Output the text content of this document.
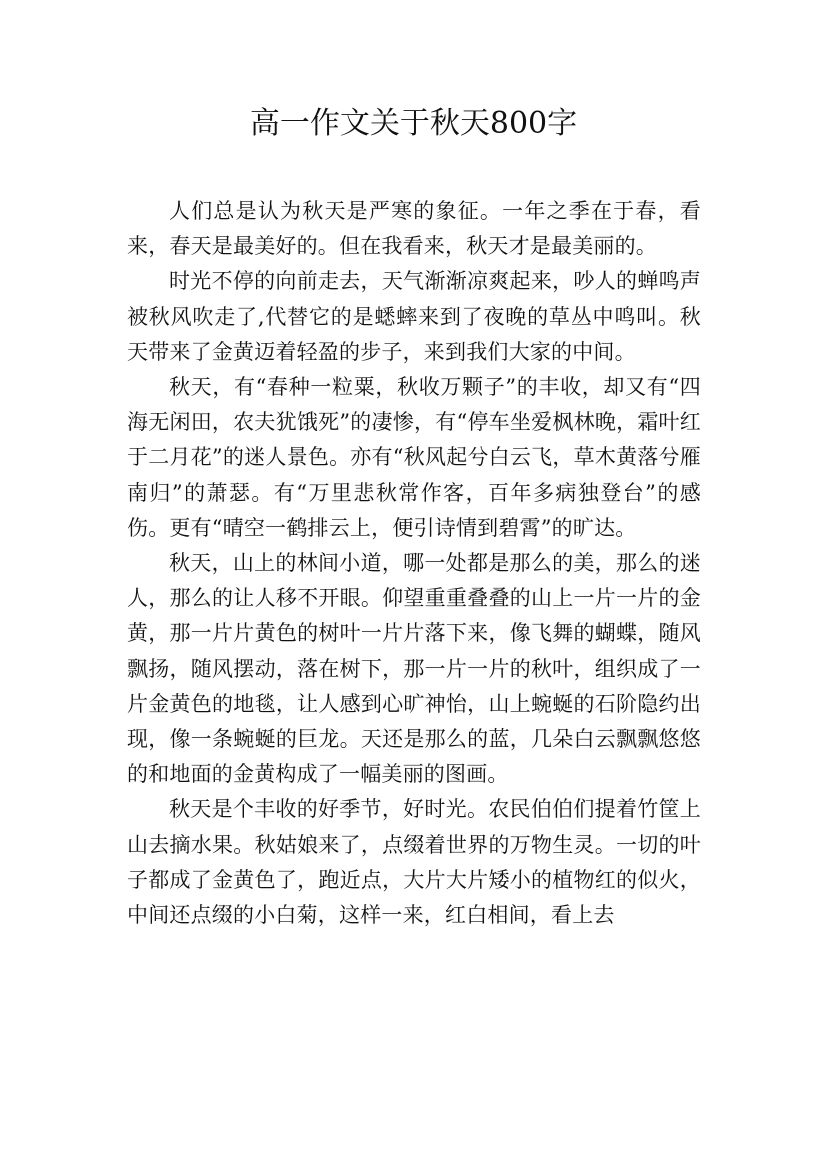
高一作文关于秋天800字

人们总是认为秋天是严寒的象征。一年之季在于春，看来，春天是最美好的。但在我看来，秋天才是最美丽的。

时光不停的向前走去，天气渐渐凉爽起来，吵人的蝉鸣声被秋风吹走了,代替它的是蟋蟀来到了夜晚的草丛中鸣叫。秋天带来了金黄迈着轻盈的步子，来到我们大家的中间。

秋天，有“春种一粒粟，秋收万颗子”的丰收，却又有“四海无闲田，农夫犹饿死”的凄惨，有“停车坐爱枫林晚，霜叶红于二月花”的迷人景色。亦有“秋风起兮白云飞，草木黄落兮雁南归”的萧瑟。有“万里悲秋常作客，百年多病独登台”的感伤。更有“晴空一鹤排云上，便引诗情到碧霄”的旷达。

秋天，山上的林间小道，哪一处都是那么的美，那么的迷人，那么的让人移不开眼。仰望重重叠叠的山上一片一片的金黄，那一片片黄色的树叶一片片落下来，像飞舞的蝴蝶，随风飘扬，随风摆动，落在树下，那一片一片的秋叶，组织成了一片金黄色的地毯，让人感到心旷神怡，山上蜿蜒的石阶隐约出现，像一条蜿蜒的巨龙。天还是那么的蓝，几朵白云飘飘悠悠的和地面的金黄构成了一幅美丽的图画。

秋天是个丰收的好季节，好时光。农民伯伯们提着竹筐上山去摘水果。秋姑娘来了，点缀着世界的万物生灵。一切的叶子都成了金黄色了，跑近点，大片大片矮小的植物红的似火，中间还点缀的小白菊，这样一来，红白相间，看上去
